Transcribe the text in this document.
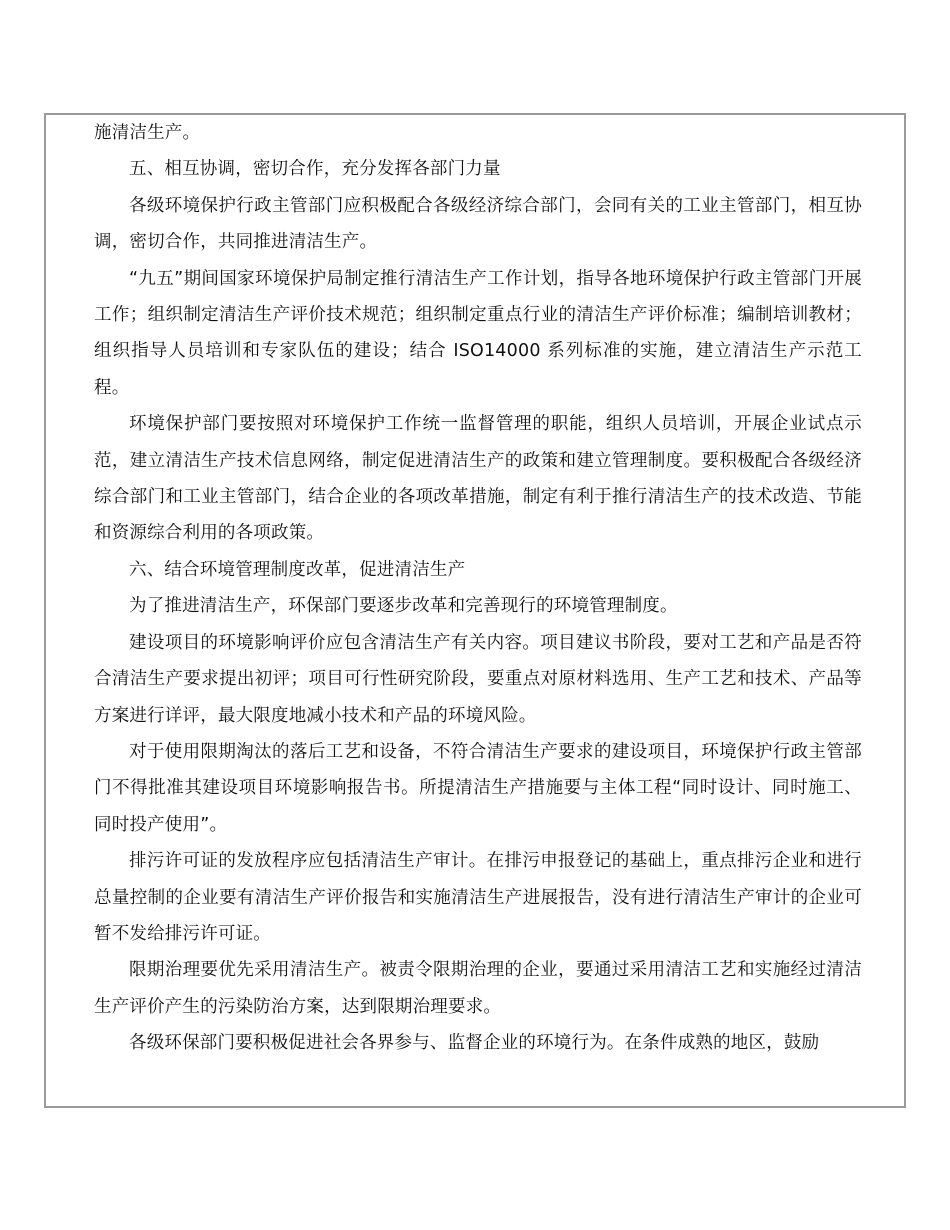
施清洁生产。

五、相互协调，密切合作，充分发挥各部门力量

各级环境保护行政主管部门应积极配合各级经济综合部门，会同有关的工业主管部门，相互协调，密切合作，共同推进清洁生产。

“九五”期间国家环境保护局制定推行清洁生产工作计划，指导各地环境保护行政主管部门开展工作；组织制定清洁生产评价技术规范；组织制定重点行业的清洁生产评价标准；编制培训教材；组织指导人员培训和专家队伍的建设；结合 ISO14000 系列标准的实施，建立清洁生产示范工程。

环境保护部门要按照对环境保护工作统一监督管理的职能，组织人员培训，开展企业试点示范，建立清洁生产技术信息网络，制定促进清洁生产的政策和建立管理制度。要积极配合各级经济综合部门和工业主管部门，结合企业的各项改革措施，制定有利于推行清洁生产的技术改造、节能和资源综合利用的各项政策。

六、结合环境管理制度改革，促进清洁生产

为了推进清洁生产，环保部门要逐步改革和完善现行的环境管理制度。

建设项目的环境影响评价应包含清洁生产有关内容。项目建议书阶段，要对工艺和产品是否符合清洁生产要求提出初评；项目可行性研究阶段，要重点对原材料选用、生产工艺和技术、产品等方案进行详评，最大限度地减小技术和产品的环境风险。

对于使用限期淘汰的落后工艺和设备，不符合清洁生产要求的建设项目，环境保护行政主管部门不得批准其建设项目环境影响报告书。所提清洁生产措施要与主体工程“同时设计、同时施工、同时投产使用”。

排污许可证的发放程序应包括清洁生产审计。在排污申报登记的基础上，重点排污企业和进行总量控制的企业要有清洁生产评价报告和实施清洁生产进展报告，没有进行清洁生产审计的企业可暂不发给排污许可证。

限期治理要优先采用清洁生产。被责令限期治理的企业，要通过采用清洁工艺和实施经过清洁生产评价产生的污染防治方案，达到限期治理要求。

各级环保部门要积极促进社会各界参与、监督企业的环境行为。在条件成熟的地区，鼓励
